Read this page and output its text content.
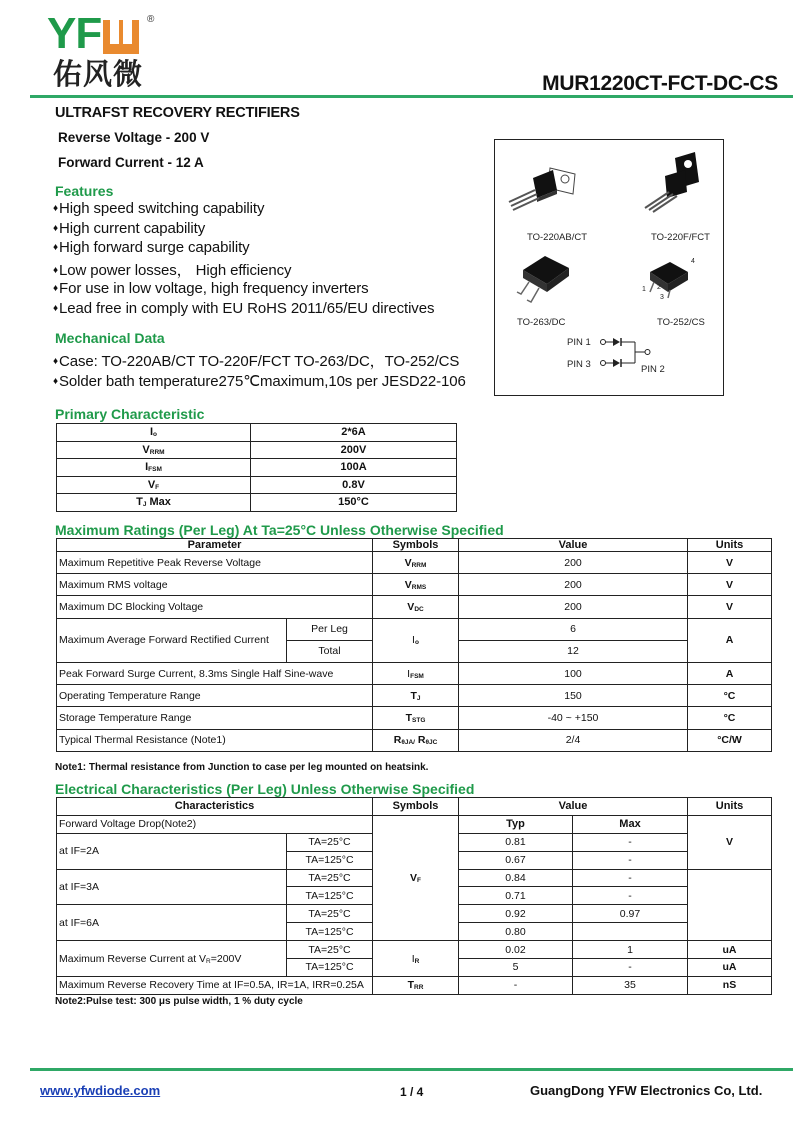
YF	®
佑风微	MUR1220CT-FCT-DC-CS
ULTRAFST RECOVERY RECTIFIERS
Reverse Voltage - 200 V
Forward Current - 12 A
Features
♦High speed switching capability
♦High current capability
♦High forward surge capability
♦Low power losses， High efficiency
♦For use in low voltage, high frequency inverters
♦Lead free in comply with EU RoHS 2011/65/EU directives
Mechanical Data
♦Case: TO-220AB/CT TO-220F/FCT TO-263/DC，TO-252/CS
♦Solder bath temperature275℃maximum,10s per JESD22-106
TO-220AB/CT	TO-220F/FCT
4
1 2
3
TO-263/DC	TO-252/CS
PIN 1
PIN 3	PIN 2
Primary Characteristic
$I_o$	2*6A
$V_{RRM}$	200V
$I_{FSM}$	100A
$V_F$	0.8V
$T_J$ Max	150°C
Maximum Ratings (Per Leg) At Ta=25°C Unless Otherwise Specified
Parameter		Symbols	Value	Units
Maximum Repetitive Peak Reverse Voltage		$V_{RRM}$	200	V
Maximum RMS voltage		$V_{RMS}$	200	V
Maximum DC Blocking Voltage		$V_{DC}$	200	V
Maximum Average Forward Rectified Current	Per Leg	$I_o$	6	A
	Total		12	
Peak Forward Surge Current, 8.3ms Single Half Sine-wave		$I_{FSM}$	100	A
Operating Temperature Range		$T_J$	150	°C
Storage Temperature Range		$T_{STG}$	-40 ~ +150	°C
Typical Thermal Resistance (Note1)		$R_{\theta JA/}$ $R_{\theta JC}$	2/4	°C/W
Note1: Thermal resistance from Junction to case per leg mounted on heatsink.
Electrical Characteristics (Per Leg) Unless Otherwise Specified
Characteristics		Symbols	Value		Units
Forward Voltage Drop(Note2)		$V_F$	Typ	Max	V
at IF=2A	TA=25°C		0.81	-	
	TA=125°C		0.67	-	
at IF=3A	TA=25°C		0.84	-	
	TA=125°C		0.71	-	
at IF=6A	TA=25°C		0.92	0.97	
	TA=125°C		0.80		
Maximum Reverse Current at $V_R=200V$	TA=25°C	$I_R$	0.02	1	uA
	TA=125°C		5	-	uA
Maximum Reverse Recovery Time at IF=0.5A, IR=1A, IRR=0.25A		$T_{RR}$	-	35	nS
Note2:Pulse test: 300 μs pulse width, 1 % duty cycle
www.yfwdiode.com	1 / 4	GuangDong YFW Electronics Co, Ltd.
